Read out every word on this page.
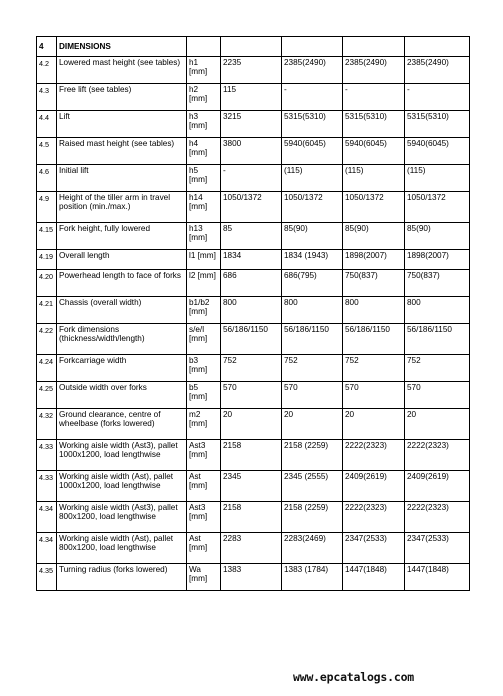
4	DIMENSIONS					
4.2	Lowered mast height (see tables)	h1 [mm]	2235	2385(2490)	2385(2490)	2385(2490)
4.3	Free lift (see tables)	h2 [mm]	115	-	-	-
4.4	Lift	h3 [mm]	3215	5315(5310)	5315(5310)	5315(5310)
4.5	Raised mast height (see tables)	h4 [mm]	3800	5940(6045)	5940(6045)	5940(6045)
4.6	Initial lift	h5 [mm]	-	(115)	(115)	(115)
4.9	Height of the tiller arm in travel position (min./max.)	h14 [mm]	1050/1372	1050/1372	1050/1372	1050/1372
4.15	Fork height, fully lowered	h13 [mm]	85	85(90)	85(90)	85(90)
4.19	Overall length	l1 [mm]	1834	1834 (1943)	1898(2007)	1898(2007)
4.20	Powerhead length to face of forks	l2 [mm]	686	686(795)	750(837)	750(837)
4.21	Chassis (overall width)	b1/b2 [mm]	800	800	800	800
4.22	Fork dimensions (thickness/width/length)	s/e/l [mm]	56/186/1150	56/186/1150	56/186/1150	56/186/1150
4.24	Forkcarriage width	b3 [mm]	752	752	752	752
4.25	Outside width over forks	b5 [mm]	570	570	570	570
4.32	Ground clearance, centre of wheelbase (forks lowered)	m2 [mm]	20	20	20	20
4.33	Working aisle width (Ast3), pallet 1000x1200, load lengthwise	Ast3 [mm]	2158	2158 (2259)	2222(2323)	2222(2323)
4.33	Working aisle width (Ast), pallet 1000x1200, load lengthwise	Ast [mm]	2345	2345 (2555)	2409(2619)	2409(2619)
4.34	Working aisle width (Ast3), pallet 800x1200, load lengthwise	Ast3 [mm]	2158	2158 (2259)	2222(2323)	2222(2323)
4.34	Working aisle width (Ast), pallet 800x1200, load lengthwise	Ast [mm]	2283	2283(2469)	2347(2533)	2347(2533)
4.35	Turning radius (forks lowered)	Wa [mm]	1383	1383 (1784)	1447(1848)	1447(1848)
www.epcatalogs.com
